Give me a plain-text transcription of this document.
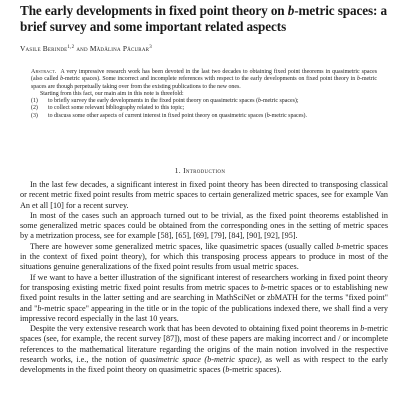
The early developments in fixed point theory on b-metric spaces: a brief survey and some important related aspects
Vasile Berinde$^{1,2}$ and Mădălina Păcurar$^3$

Abstract. A very impressive research work has been devoted in the last two decades to obtaining fixed point theorems in quasimetric spaces (also called b-metric spaces). Some incorrect and incomplete references with respect to the early developments on fixed point theory in b-metric spaces are though perpetually taking over from the existing publications to the new ones.

Starting from this fact, our main aim in this note is threefold:

(1) to briefly survey the early developments in the fixed point theory on quasimetric spaces (b-metric spaces);
(2) to collect some relevant bibliography related to this topic;
(3) to discuss some other aspects of current interest in fixed point theory on quasimetric spaces (b-metric spaces).
1. Introduction

In the last few decades, a significant interest in fixed point theory has been directed to transposing classical or recent metric fixed point results from metric spaces to certain generalized metric spaces, see for example Van An et all [10] for a recent survey.

In most of the cases such an approach turned out to be trivial, as the fixed point theorems established in some generalized metric spaces could be obtained from the corresponding ones in the setting of metric spaces by a metrization process, see for example [58], [65], [69], [79], [84], [90], [92], [95].

There are however some generalized metric spaces, like quasimetric spaces (usually called b-metric spaces in the context of fixed point theory), for which this transposing process appears to produce in most of the situations genuine generalizations of the fixed point results from usual metric spaces.

If we want to have a better illustration of the significant interest of researchers working in fixed point theory for transposing existing metric fixed point results from metric spaces to b-metric spaces or to establishing new fixed point results in the latter setting and are searching in MathSciNet or zbMATH for the terms "fixed point" and "b-metric space" appearing in the title or in the topic of the publications indexed there, we shall find a very impressive record especially in the last 10 years.

Despite the very extensive research work that has been devoted to obtaining fixed point theorems in b-metric spaces (see, for example, the recent survey [87]), most of these papers are making incorrect and / or incomplete references to the mathematical literature regarding the origins of the main notion involved in the respective research works, i.e., the notion of quasimetric space (b-metric space), as well as with respect to the early developments in the fixed point theory on quasimetric spaces (b-metric spaces).
